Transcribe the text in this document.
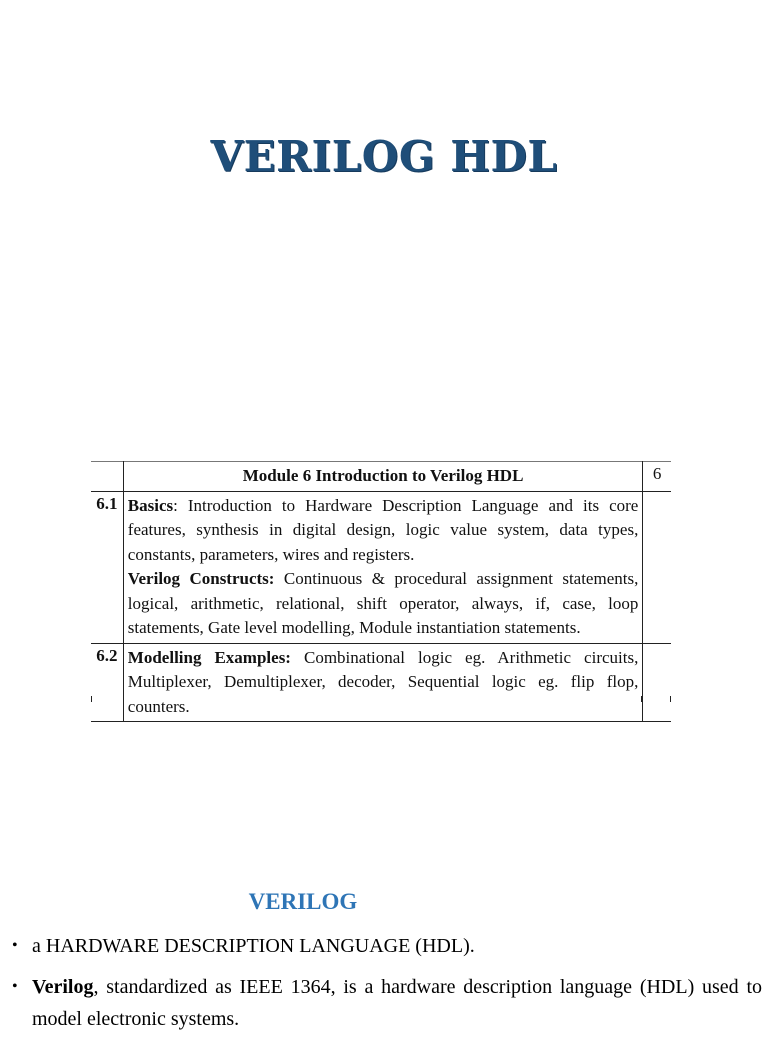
VERILOG HDL
	Module 6 Introduction to Verilog HDL	6
6.1	Basics: Introduction to Hardware Description Language and its core features, synthesis in digital design, logic value system, data types, constants, parameters, wires and registers.
Verilog Constructs: Continuous & procedural assignment statements, logical, arithmetic, relational, shift operator, always, if, case, loop statements, Gate level modelling, Module instantiation statements.	

6.2	Modelling Examples: Combinational logic eg. Arithmetic circuits, Multiplexer, Demultiplexer, decoder, Sequential logic eg. flip flop, counters.	

VERILOG
• a HARDWARE DESCRIPTION LANGUAGE (HDL).
• Verilog, standardized as IEEE 1364, is a hardware description language (HDL) used to model electronic systems.
